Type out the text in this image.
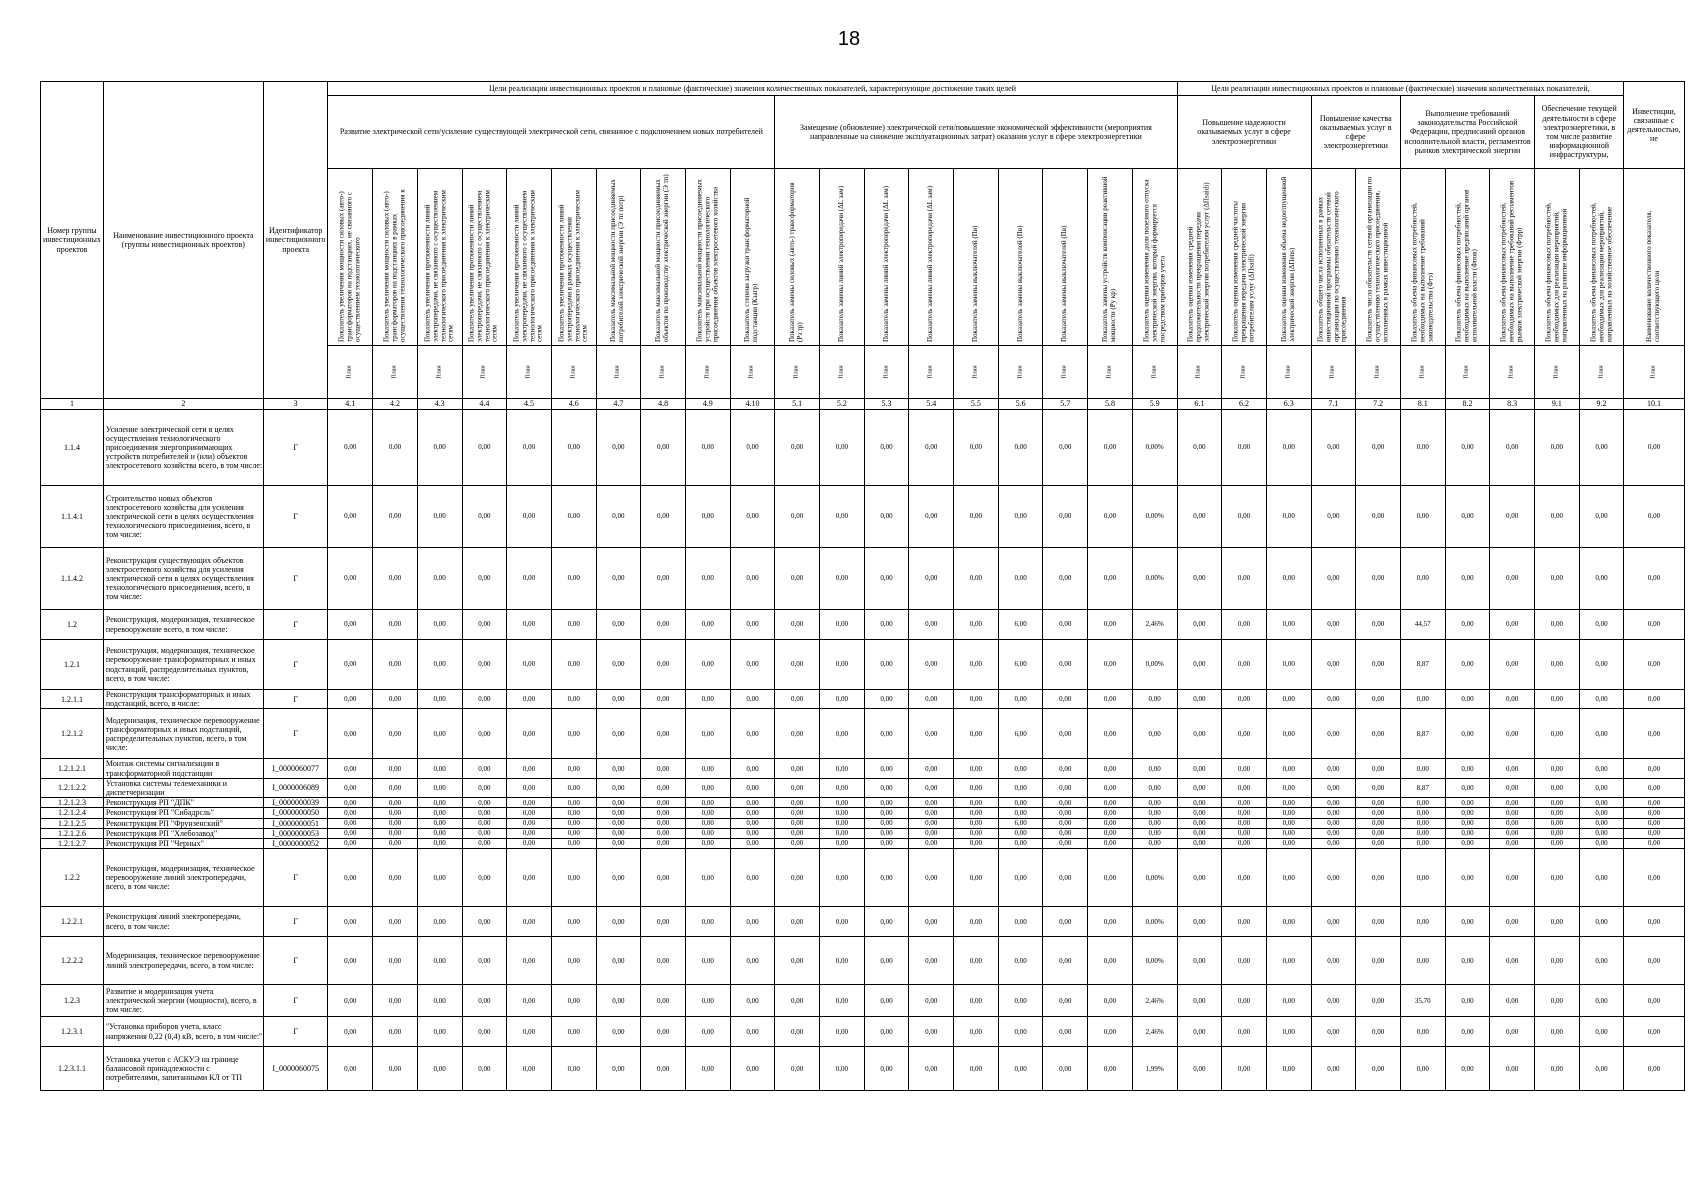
18
Номер группы инвестиционных проектов	Наименование инвестиционного проекта (группы инвестиционных проектов)	Идентификатор инвестиционного проекта	Цели реализации инвестиционных проектов и плановые (фактические) значения количественных показателей, характеризующие достижение таких целей																			Цели реализации инвестиционных проектов и плановые (фактические) значения количественных показателей,										Инвестиции, связанные с деятельностью, не
			Развитие электрической сети/усиление существующей электрической сети, связанное с подключением новых потребителей										Замещение (обновление) электрической сети/повышение экономической эффективности (мероприятия направленные на снижение эксплуатационных затрат) оказания услуг в сфере электроэнергетики									Повышение надежности оказываемых услуг в сфере электроэнергетики			Повышение качества оказываемых услуг в сфере электроэнергетики		Выполнение требований законодательства Российской Федерации, предписаний органов исполнительной власти, регламентов рынков электрической энергии			Обеспечение текущей деятельности в сфере электроэнергетики, в том числе развитие информационной инфраструктуры,		

			Показатель увеличения мощности силовых (авто-) трансформаторов на подстанциях, не связанного с осуществлением технологического	Показатель увеличения мощности силовых (авто-) трансформаторов на подстанциях в рамках осуществления технологического присоединения к	Показатель увеличения протяженности линий электропередачи, не связанного с осуществлением технологического присоединения к электрическим сетям	Показатель увеличения протяженности линий электропередачи, не связанного с осуществлением технологического присоединения к электрическим сетям	Показатель увеличения протяженности линий электропередачи, не связанного с осуществлением технологического присоединения к электрическим сетям	Показатель увеличения протяженности линий электропередачи в рамках осуществления технологического присоединения к электрическим сетям	Показатель максимальной мощности присоединяемых потребителей электрической энергии (Э тп потр)	Показатель максимальной мощности присоединяемых объектов по производству электрической энергии (Э тп)	Показатель максимальной мощности присоединяемых устройств при осуществлении технологического присоединения объектов электросетевого хозяйства	Показатель степени загрузки трансформаторной подстанции (Кзагр)	Показатель замены силовых (авто-) трансформаторов (Рз тр)	Показатель замены линий электропередачи (ΔL зам)	Показатель замены линий электропередачи (ΔL зам)	Показатель замены линий электропередачи (ΔL зам)	Показатель замены выключателей (Пв)	Показатель замены выключателей (Пв)	Показатель замены выключателей (Пв)	Показатель замены устройств компенсации реактивной мощности (Ру кр)	Показатель оценки изменения доли полезного отпуска электрической энергии, который формируется посредством приборов учета	Показатель оценки изменения средней продолжительности прекращения передачи электрической энергии потребителям услуг (ΔПsaidi)	Показатель оценки изменения средней частоты прекращения передачи электрической энергии потребителям услуг (ΔПsaifi)	Показатель оценки изменения объема недоотпущенной электрической энергии (ΔПens)	Показатель общего числа исполненных в рамках инвестиционной программы обязательств сетевой организации по осуществлению технологического присоединения	Показатель числа обязательств сетевой организации по осуществлению технологического присоединения, исполненных в рамках инвестиционной	Показатель объема финансовых потребностей, необходимых на выполнение требований законодательства (Фтз)	Показатель объема финансовых потребностей, необходимых на выполнение предписаний органов исполнительной власти (Фпов)	Показатель объема финансовых потребностей, необходимых на выполнение требований регламентов рынков электрической энергии (Фтрр)	Показатель объема финансовых потребностей, необходимых для реализации мероприятий, направленных на развитие информационной	Показатель объема финансовых потребностей, необходимых для реализации мероприятий, направленных на хозяйственное обеспечение	Наименование количественного показателя, соответствующего цели

			План	План	План	План	План	План	План	План	План	План	План	План	План	План	План	План	План	План	План	План	План	План	План	План	План	План	План	План	План	План

1	2	3	4.1	4.2	4.3	4.4	4.5	4.6	4.7	4.8	4.9	4.10	5.1	5.2	5.3	5.4	5.5	5.6	5.7	5.8	5.9	6.1	6.2	6.3	7.1	7.2	8.1	8.2	8.3	9.1	9.2	10.1
1.1.4	Усиление электрической сети в целях осуществления технологического присоединения энергопринимающих устройств потребителей и (или) объектов электросетевого хозяйства всего, в том числе:	Г	0,00	0,00	0,00	0,00	0,00	0,00	0,00	0,00	0,00	0,00	0,00	0,00	0,00	0,00	0,00	0,00	0,00	0,00	0,00%	0,00	0,00	0,00	0,00	0,00	0,00	0,00	0,00	0,00	0,00	0,00
1.1.4.1	Строительство новых объектов электросетевого хозяйства для усиления электрической сети в целях осуществления технологического присоединения, всего, в том числе:	Г	0,00	0,00	0,00	0,00	0,00	0,00	0,00	0,00	0,00	0,00	0,00	0,00	0,00	0,00	0,00	0,00	0,00	0,00	0,00%	0,00	0,00	0,00	0,00	0,00	0,00	0,00	0,00	0,00	0,00	0,00
1.1.4.2	Реконструкция существующих объектов электросетевого хозяйства для усиления электрической сети в целях осуществления технологического присоединения, всего, в том числе:	Г	0,00	0,00	0,00	0,00	0,00	0,00	0,00	0,00	0,00	0,00	0,00	0,00	0,00	0,00	0,00	0,00	0,00	0,00	0,00%	0,00	0,00	0,00	0,00	0,00	0,00	0,00	0,00	0,00	0,00	0,00
1.2	Реконструкция, модернизация, техническое перевооружение всего, в том числе:	Г	0,00	0,00	0,00	0,00	0,00	0,00	0,00	0,00	0,00	0,00	0,00	0,00	0,00	0,00	0,00	6,00	0,00	0,00	2,46%	0,00	0,00	0,00	0,00	0,00	44,57	0,00	0,00	0,00	0,00	0,00
1.2.1	Реконструкция, модернизация, техническое перевооружение трансформаторных и иных подстанций, распределительных пунктов, всего, в том числе:	Г	0,00	0,00	0,00	0,00	0,00	0,00	0,00	0,00	0,00	0,00	0,00	0,00	0,00	0,00	0,00	6,00	0,00	0,00	0,00%	0,00	0,00	0,00	0,00	0,00	8,87	0,00	0,00	0,00	0,00	0,00
1.2.1.1	Реконструкция трансформаторных и иных подстанций, всего, в числе:	Г	0,00	0,00	0,00	0,00	0,00	0,00	0,00	0,00	0,00	0,00	0,00	0,00	0,00	0,00	0,00	0,00	0,00	0,00	0,00	0,00	0,00	0,00	0,00	0,00	0,00	0,00	0,00	0,00	0,00	0,00
1.2.1.2	Модернизация, техническое перевооружение трансформаторных и иных подстанций, распределительных пунктов, всего, в том числе:	Г	0,00	0,00	0,00	0,00	0,00	0,00	0,00	0,00	0,00	0,00	0,00	0,00	0,00	0,00	0,00	6,00	0,00	0,00	0,00	0,00	0,00	0,00	0,00	0,00	8,87	0,00	0,00	0,00	0,00	0,00
1.2.1.2.1	Монтаж системы сигнализации в трансформаторной подстанции	I_0000060077	0,00	0,00	0,00	0,00	0,00	0,00	0,00	0,00	0,00	0,00	0,00	0,00	0,00	0,00	0,00	0,00	0,00	0,00	0,00	0,00	0,00	0,00	0,00	0,00	0,00	0,00	0,00	0,00	0,00	0,00
1.2.1.2.2	Установка системы телемеханики и диспетчеризации	I_0000006089	0,00	0,00	0,00	0,00	0,00	0,00	0,00	0,00	0,00	0,00	0,00	0,00	0,00	0,00	0,00	0,00	0,00	0,00	0,00	0,00	0,00	0,00	0,00	0,00	8,87	0,00	0,00	0,00	0,00	0,00
1.2.1.2.3	Реконструкция РП "ДПК"	I_0000000039	0,00	0,00	0,00	0,00	0,00	0,00	0,00	0,00	0,00	0,00	0,00	0,00	0,00	0,00	0,00	0,00	0,00	0,00	0,00	0,00	0,00	0,00	0,00	0,00	0,00	0,00	0,00	0,00	0,00	0,00
1.2.1.2.4	Реконструкция РП "Сибадрсль"	I_0000000050	0,00	0,00	0,00	0,00	0,00	0,00	0,00	0,00	0,00	0,00	0,00	0,00	0,00	0,00	0,00	0,00	0,00	0,00	0,00	0,00	0,00	0,00	0,00	0,00	0,00	0,00	0,00	0,00	0,00	0,00
1.2.1.2.5	Реконструкция РП "Фрунзенский"	I_0000000051	0,00	0,00	0,00	0,00	0,00	0,00	0,00	0,00	0,00	0,00	0,00	0,00	0,00	0,00	0,00	6,00	0,00	0,00	0,00	0,00	0,00	0,00	0,00	0,00	0,00	0,00	0,00	0,00	0,00	0,00
1.2.1.2.6	Реконструкция РП "Хлебозавод"	I_0000000053	0,00	0,00	0,00	0,00	0,00	0,00	0,00	0,00	0,00	0,00	0,00	0,00	0,00	0,00	0,00	0,00	0,00	0,00	0,00	0,00	0,00	0,00	0,00	0,00	0,00	0,00	0,00	0,00	0,00	0,00
1.2.1.2.7	Реконструкция РП "Черных"	I_0000000052	0,00	0,00	0,00	0,00	0,00	0,00	0,00	0,00	0,00	0,00	0,00	0,00	0,00	0,00	0,00	0,00	0,00	0,00	0,00	0,00	0,00	0,00	0,00	0,00	0,00	0,00	0,00	0,00	0,00	0,00
1.2.2	Реконструкция, модернизация, техническое перевооружение линий электропередачи, всего, в том числе:	Г	0,00	0,00	0,00	0,00	0,00	0,00	0,00	0,00	0,00	0,00	0,00	0,00	0,00	0,00	0,00	0,00	0,00	0,00	0,00%	0,00	0,00	0,00	0,00	0,00	0,00	0,00	0,00	0,00	0,00	0,00
1.2.2.1	Реконструкция линий электропередачи, всего, в том числе:	Г	0,00	0,00	0,00	0,00	0,00	0,00	0,00	0,00	0,00	0,00	0,00	0,00	0,00	0,00	0,00	0,00	0,00	0,00	0,00%	0,00	0,00	0,00	0,00	0,00	0,00	0,00	0,00	0,00	0,00	0,00
1.2.2.2	Модернизация, техническое перевооружение линий электропередачи, всего, в том числе:	Г	0,00	0,00	0,00	0,00	0,00	0,00	0,00	0,00	0,00	0,00	0,00	0,00	0,00	0,00	0,00	0,00	0,00	0,00	0,00%	0,00	0,00	0,00	0,00	0,00	0,00	0,00	0,00	0,00	0,00	0,00
1.2.3	Развитие и модернизация учета электрической энергии (мощности), всего, в том числе:	Г	0,00	0,00	0,00	0,00	0,00	0,00	0,00	0,00	0,00	0,00	0,00	0,00	0,00	0,00	0,00	0,00	0,00	0,00	2,46%	0,00	0,00	0,00	0,00	0,00	35,70	0,00	0,00	0,00	0,00	0,00
1.2.3.1	"Установка приборов учета, класс напряжения 0,22 (0,4) кВ, всего, в том числе:"	Г	0,00	0,00	0,00	0,00	0,00	0,00	0,00	0,00	0,00	0,00	0,00	0,00	0,00	0,00	0,00	0,00	0,00	0,00	2,46%	0,00	0,00	0,00	0,00	0,00	0,00	0,00	0,00	0,00	0,00	0,00
1.2.3.1.1	Установка учетов с АСКУЭ на границе балансовой принадлежности с потребителями, запитанными КЛ от ТП	I_0000060075	0,00	0,00	0,00	0,00	0,00	0,00	0,00	0,00	0,00	0,00	0,00	0,00	0,00	0,00	0,00	0,00	0,00	0,00	1,99%	0,00	0,00	0,00	0,00	0,00	0,00	0,00	0,00	0,00	0,00	0,00
